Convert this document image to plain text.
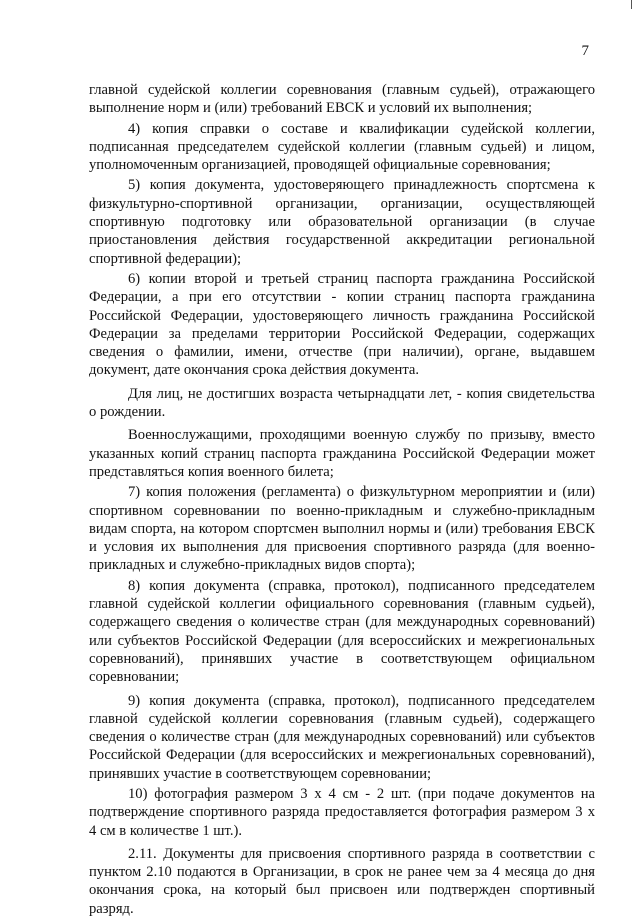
7

главной судейской коллегии соревнования (главным судьей), отражающего выполнение норм и (или) требований ЕВСК и условий их выполнения;

4) копия справки о составе и квалификации судейской коллегии, подписанная председателем судейской коллегии (главным судьей) и лицом, уполномоченным организацией, проводящей официальные соревнования;

5) копия документа, удостоверяющего принадлежность спортсмена к физкультурно-спортивной организации, организации, осуществляющей спортивную подготовку или образовательной организации (в случае приостановления действия государственной аккредитации региональной спортивной федерации);

6) копии второй и третьей страниц паспорта гражданина Российской Федерации, а при его отсутствии - копии страниц паспорта гражданина Российской Федерации, удостоверяющего личность гражданина Российской Федерации за пределами территории Российской Федерации, содержащих сведения о фамилии, имени, отчестве (при наличии), органе, выдавшем документ, дате окончания срока действия документа.

Для лиц, не достигших возраста четырнадцати лет, - копия свидетельства о рождении.

Военнослужащими, проходящими военную службу по призыву, вместо указанных копий страниц паспорта гражданина Российской Федерации может представляться копия военного билета;

7) копия положения (регламента) о физкультурном мероприятии и (или) спортивном соревновании по военно-прикладным и служебно-прикладным видам спорта, на котором спортсмен выполнил нормы и (или) требования ЕВСК и условия их выполнения для присвоения спортивного разряда (для военно-прикладных и служебно-прикладных видов спорта);

8) копия документа (справка, протокол), подписанного председателем главной судейской коллегии официального соревнования (главным судьей), содержащего сведения о количестве стран (для международных соревнований) или субъектов Российской Федерации (для всероссийских и межрегиональных соревнований), принявших участие в соответствующем официальном соревновании;

9) копия документа (справка, протокол), подписанного председателем главной судейской коллегии соревнования (главным судьей), содержащего сведения о количестве стран (для международных соревнований) или субъектов Российской Федерации (для всероссийских и межрегиональных соревнований), принявших участие в соответствующем соревновании;

10) фотография размером 3 х 4 см - 2 шт. (при подаче документов на подтверждение спортивного разряда предоставляется фотография размером 3 х 4 см в количестве 1 шт.).

2.11. Документы для присвоения спортивного разряда в соответствии с пунктом 2.10 подаются в Организации, в срок не ранее чем за 4 месяца до дня окончания срока, на который был присвоен или подтвержден спортивный разряд.
